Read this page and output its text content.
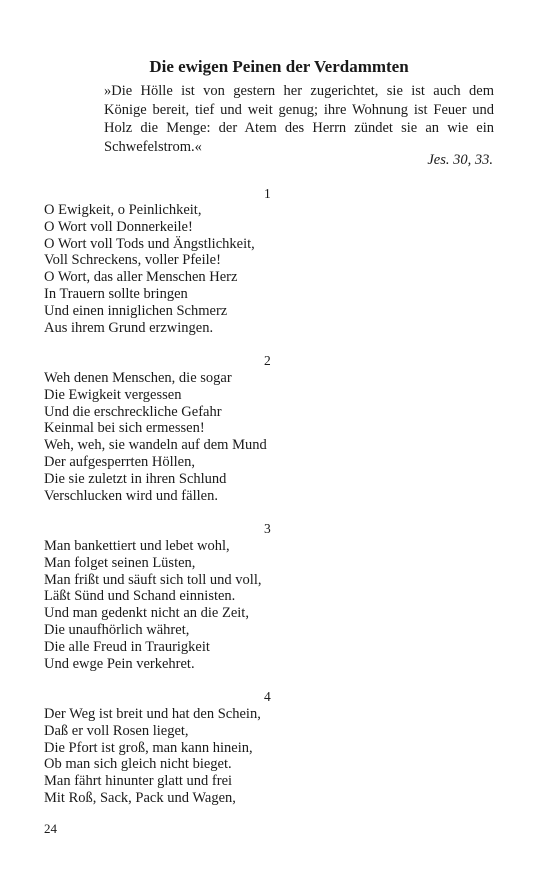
Die ewigen Peinen der Verdammten
»Die Hölle ist von gestern her zugerichtet, sie ist auch dem
Könige bereit, tief und weit genug; ihre Wohnung ist Feuer und
Holz die Menge: der Atem des Herrn zündet sie an wie ein
Schwefelstrom.«
Jes. 30, 33.
1
O Ewigkeit, o Peinlichkeit,
O Wort voll Donnerkeile!
O Wort voll Tods und Ängstlichkeit,
Voll Schreckens, voller Pfeile!
O Wort, das aller Menschen Herz
In Trauern sollte bringen
Und einen inniglichen Schmerz
Aus ihrem Grund erzwingen.
2
Weh denen Menschen, die sogar
Die Ewigkeit vergessen
Und die erschreckliche Gefahr
Keinmal bei sich ermessen!
Weh, weh, sie wandeln auf dem Mund
Der aufgesperrten Höllen,
Die sie zuletzt in ihren Schlund
Verschlucken wird und fällen.
3
Man bankettiert und lebet wohl,
Man folget seinen Lüsten,
Man frißt und säuft sich toll und voll,
Läßt Sünd und Schand einnisten.
Und man gedenkt nicht an die Zeit,
Die unaufhörlich währet,
Die alle Freud in Traurigkeit
Und ewge Pein verkehret.
4
Der Weg ist breit und hat den Schein,
Daß er voll Rosen lieget,
Die Pfort ist groß, man kann hinein,
Ob man sich gleich nicht bieget.
Man fährt hinunter glatt und frei
Mit Roß, Sack, Pack und Wagen,
24
